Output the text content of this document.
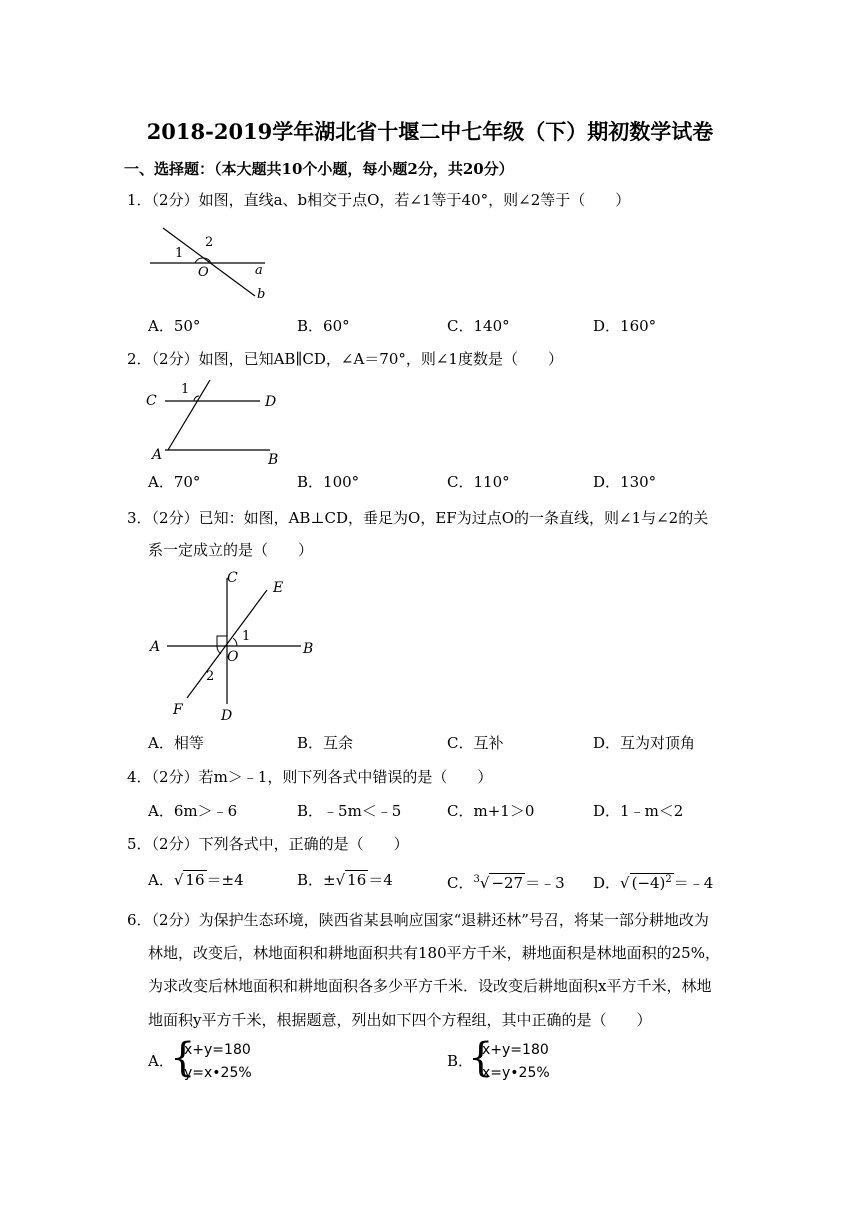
2018-2019学年湖北省十堰二中七年级（下）期初数学试卷
一、选择题：（本大题共10个小题，每小题2分，共20分）
1．（2分）如图，直线a、b相交于点O，若∠1等于40°，则∠2等于（　　）
1
2
O	a
b
A．50°	B．60°	C．140°	D．160°
2．（2分）如图，已知AB∥CD，∠A＝70°，则∠1度数是（　　）
C	D
A	B
1
A．70°	B．100°	C．110°	D．130°
3．（2分）已知：如图，AB⊥CD，垂足为O，EF为过点O的一条直线，则∠1与∠2的关
系一定成立的是（　　）
C
E
A	B
O
1
2
F	D
A．相等	B．互余	C．互补	D．互为对顶角
4．（2分）若m＞﹣1，则下列各式中错误的是（　　）
A．6m＞﹣6	B．﹣5m＜﹣5	C．m+1＞0	D．1﹣m＜2
5．（2分）下列各式中，正确的是（　　）
A．√ 16 ＝±4	B．±√ 16 ＝4	C．$^3$√ −27 ＝﹣3 D．√ $(-4)^2$ ＝﹣4
6．（2分）为保护生态环境，陕西省某县响应国家“退耕还林”号召，将某一部分耕地改为
林地，改变后，林地面积和耕地面积共有180平方千米，耕地面积是林地面积的25%，
为求改变后林地面积和耕地面积各多少平方千米．设改变后耕地面积x平方千米，林地
地面积y平方千米，根据题意，列出如下四个方程组，其中正确的是（　　）
A．
{
x+y=180
y=x•25%
B．
{
x+y=180
x=y•25%
